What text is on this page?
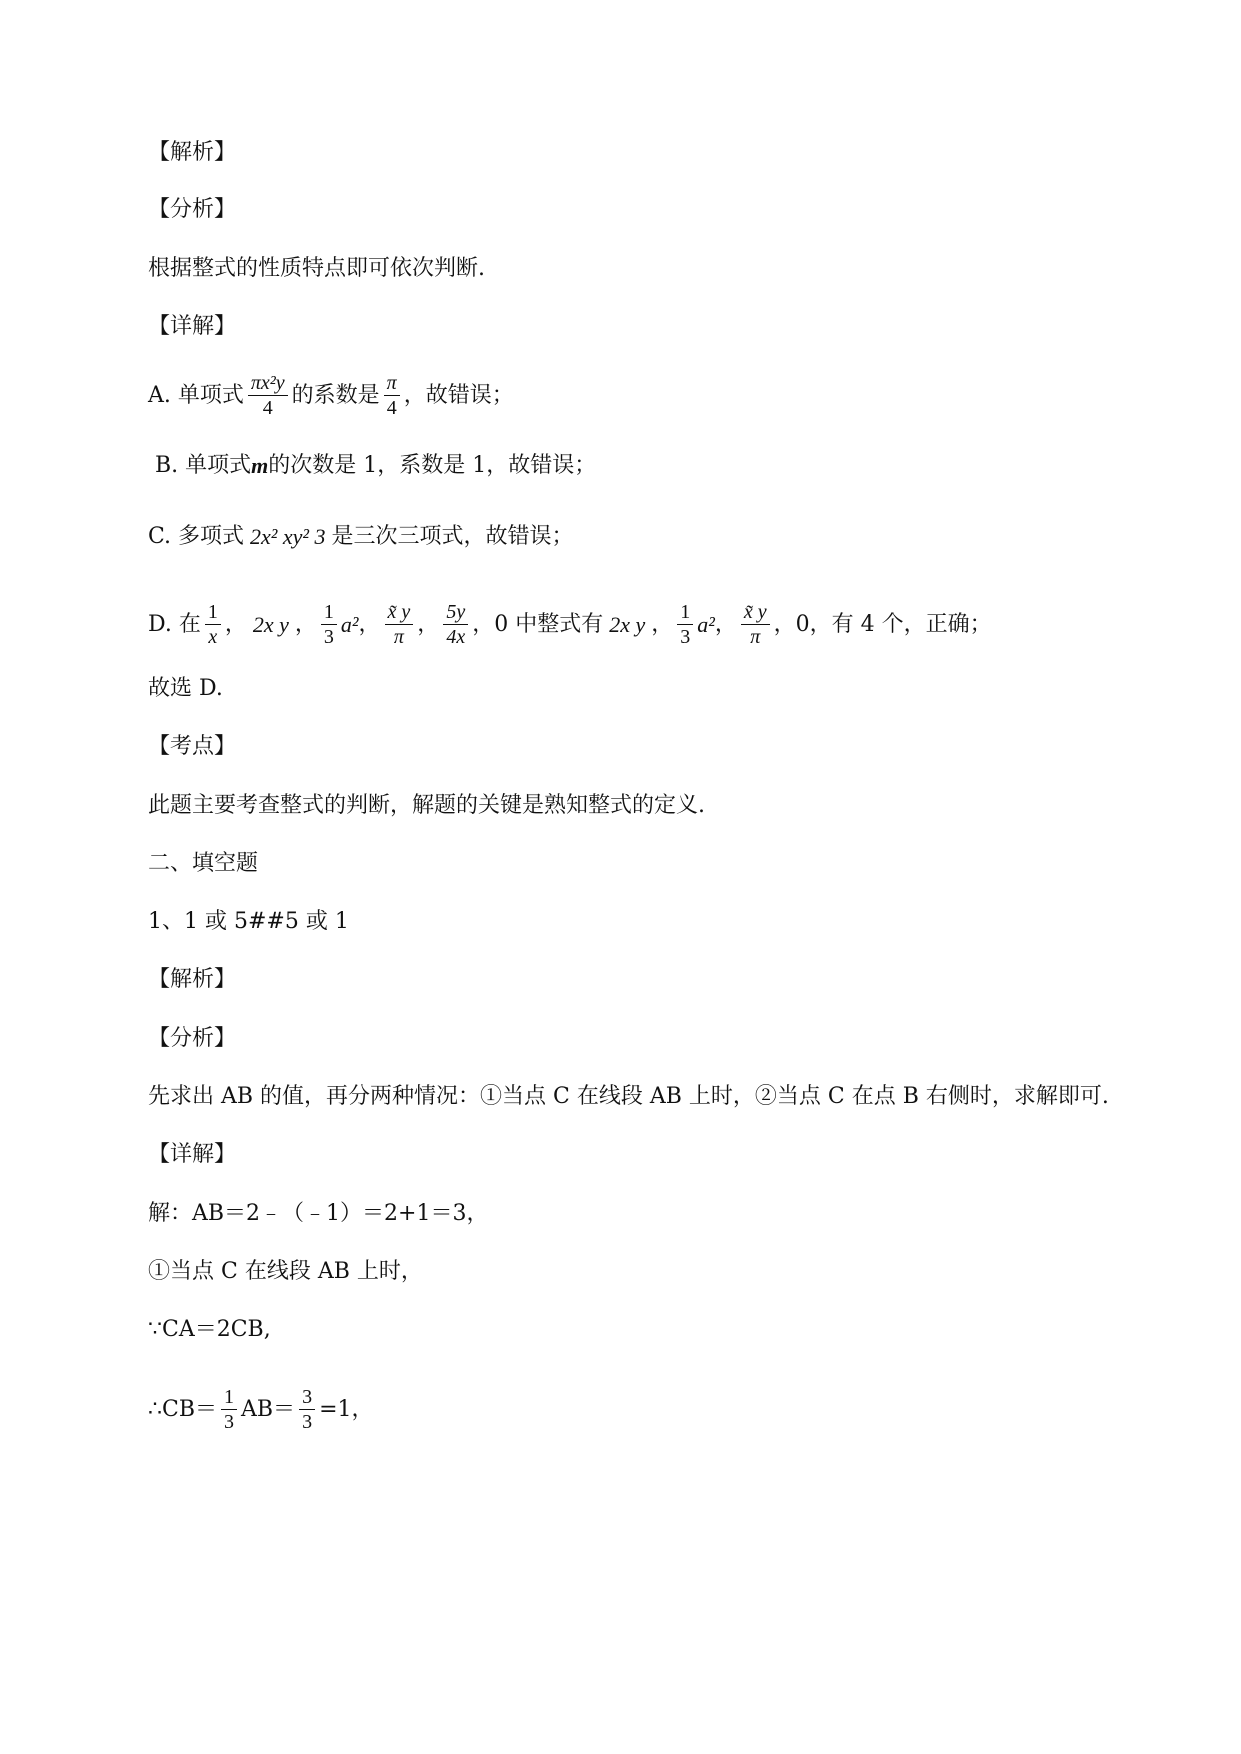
【解析】
【分析】
根据整式的性质特点即可依次判断.
【详解】
A. 单项式 $\frac{\text{πx²y}}{4}$ 的系数是 $\frac{\pi}{4}$ ，故错误；
B. 单项式 m 的次数是 1，系数是 1，故错误；
C. 多项式 2x² xy² 3 是三次三项式，故错误；
D. 在 $\frac{1}{x}$ ， 2x y ， $\frac{1}{3} a^2$ ， $\frac{x̃ y}{\pi}$ ， $\frac{5y}{4x}$ ，0 中整式有 2x y ， $\frac{1}{3} a^2$ ， $\frac{x̃ y}{\pi}$ ，0，有 4 个，正确；
故选 D.
【考点】
此题主要考查整式的判断，解题的关键是熟知整式的定义.
二、填空题
1、1 或 5##5 或 1
【解析】
【分析】
先求出 AB 的值，再分两种情况：①当点 C 在线段 AB 上时，②当点 C 在点 B 右侧时，求解即可.
【详解】
解：AB＝2﹣（﹣1）＝2+1＝3，
①当点 C 在线段 AB 上时，
∵CA＝2CB,
∴CB＝ $\frac{1}{3} AB= \frac{3}{3} =1$，
